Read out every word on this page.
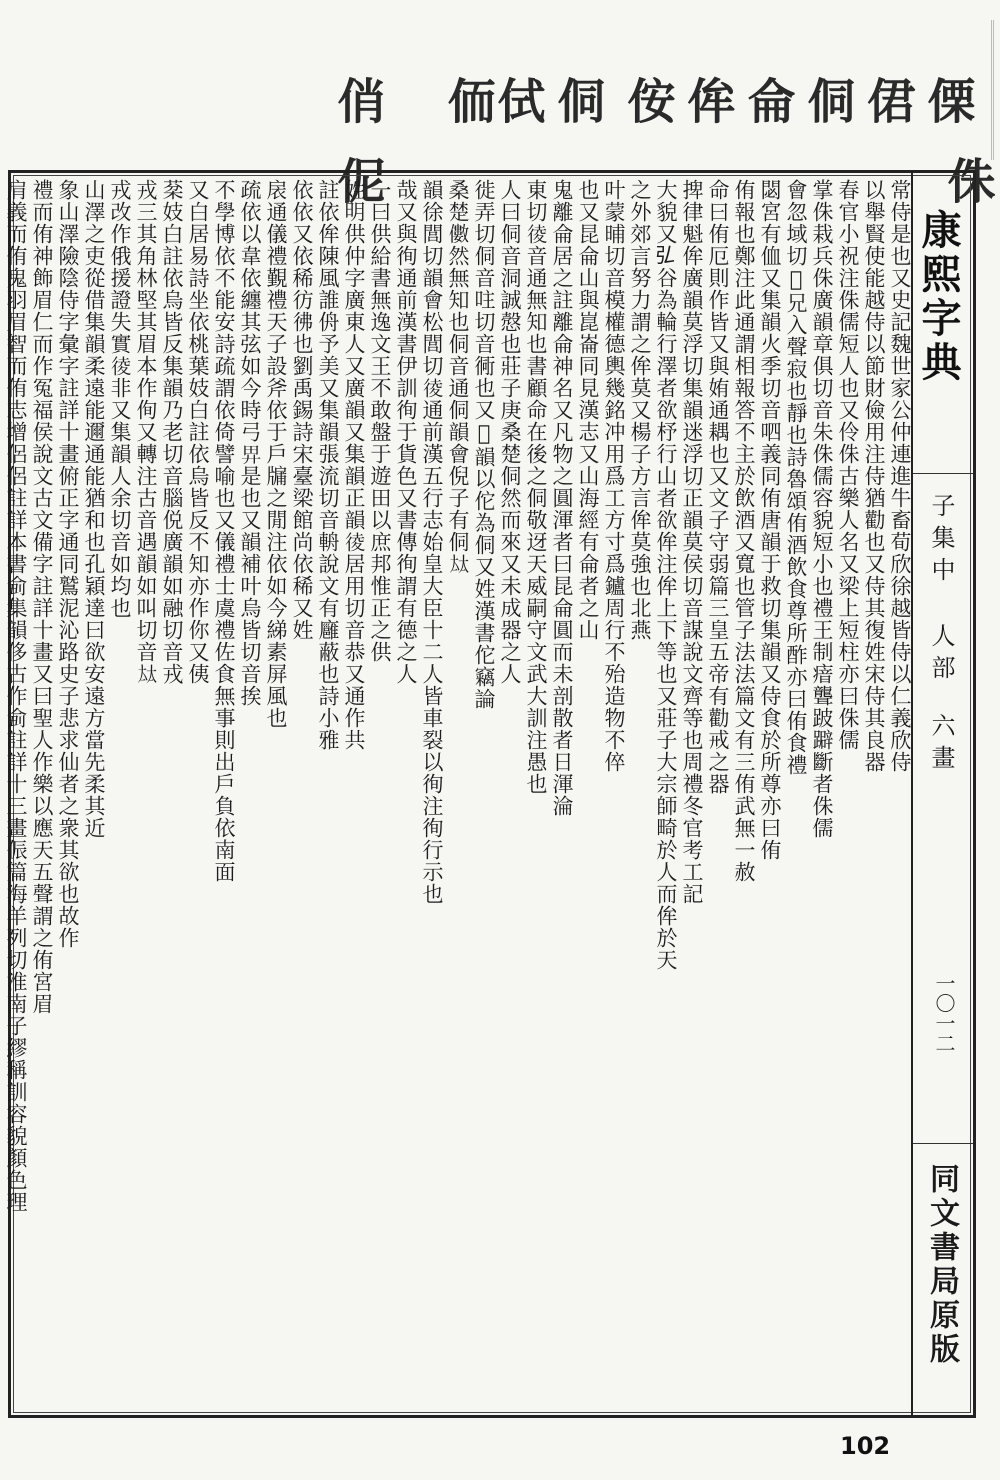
傈
侏
侰
侗
侖
侔
侒
侗
侙
侕
俏
伲
康熙字典
子集中
人部
六畫
一〇一二
同文書局原版
常侍是也又史記魏世家公仲連進牛畜荀欣徐越皆侍以仁義欣侍
以舉賢使能越侍以節財儉用注侍猶勸也又侍其復姓宋侍其良器
春官小祝注侏儒短人也又伶侏古樂人名又梁上短柱亦曰侏儒
掌侏栽兵侏廣韻章俱切音朱侏儒容貌短小也禮王制瘖聾跛躃斷者侏儒
會忽域切𡚶兄入聲寂也靜也詩魯頌侑酒飲食尊所酢亦曰侑食禮
閟宮有侐又集韻火季切音呬義同侑唐韻于救切集韻又侍食於所尊亦曰侑
侑報也鄭注此通謂相報答不主於飲酒又寬也管子法法篇文有三侑武無一赦
命曰侑厄則作皆又與姷通耦也又文子守弱篇三皇五帝有勸戒之器
捭律魁侔廣韻莫浮切集韻迷浮切正韻莫侯切音謀說文齊等也周禮冬官考工記
大貌又𢎞谷為輪行澤者欲杼行山者欲侔注侔上下等也又莊子大宗師畸於人而侔於天
之外郊言努力謂之侔莫又楊子方言侔莫強也北燕
叶蒙晡切音模權德輿幾銘冲用爲工方寸爲鑪周行不殆造物不倅
也又昆侖山與崑崙同見漢志又山海經有侖者之山
鬼離侖居之註離侖神名又凡物之圓渾者曰昆侖圓而未剖散者日渾淪
東切𢔁音通無知也書顧命在後之侗敬迓天威嗣守文武大訓注愚也
人曰侗音洞誠慤也莊子庚桑楚侗然而來又未成器之人
徙弄切侗音𠰍切音衕也又𡚶韻以佗為侗又姓漢書佗竊論
桑楚𠐍然無知也侗音通侗韻會倪子有侗𡘋
韻徐閭切韻會松閭切𢔁通前漢五行志始皇大臣十二人皆車裂以徇注徇行示也
哉又與徇通前漢書伊訓徇于貨色又書傳徇謂有德之人
一曰供給書無逸文王不敢盤于遊田以庶邦惟正之供
姓明供仲字廣東人又廣韻又集韻正韻𢔁居用切音恭又通作共
註依侔陳風誰侜予美又集韻張流切音輈說文有廱蔽也詩小雅
依依又依稀彷彿也劉禹錫詩宋臺梁館尚依稀又姓
扆通儀禮覲禮天子設斧依于戶牖之閒注依如今綈素屏風也
疏依以韋依纏其弦如今時弓𢌿是也又韻補叶烏皆切音挨
不學博依不能安詩疏謂依倚譬喻也又儀禮士虞禮佐食無事則出戶負依南面
又白居易詩坐依桃葉妓白註依烏皆反不知亦作你又侇
棻妓白註依烏皆反集韻乃老切音腦侻廣韻如融切音戎
戎三其角林堅其眉本作侚又轉注古音遇韻如叫切音𡘋
戎改作俄援證失實𢔁非又集韻人余切音如均也
山澤之吏從借集韻柔遠能邇通能猶和也孔穎達曰欲安遠方當先柔其近
象山澤險陰侍字彙字註詳十畫俯正字通同鷲泥沁路史子悲求仙者之衆其欲也故作
禮而侑神飾眉仁而作冤福侯說文古文備字註詳十畫又曰聖人作樂以應天五聲謂之侑宮眉
肩義而侑鬼羽眉智而侑志增侶侶註詳本書侴集韻侈古作侴註詳十三畫侲篇海羊列切淮南子繆稱訓容貌顏色理
102
